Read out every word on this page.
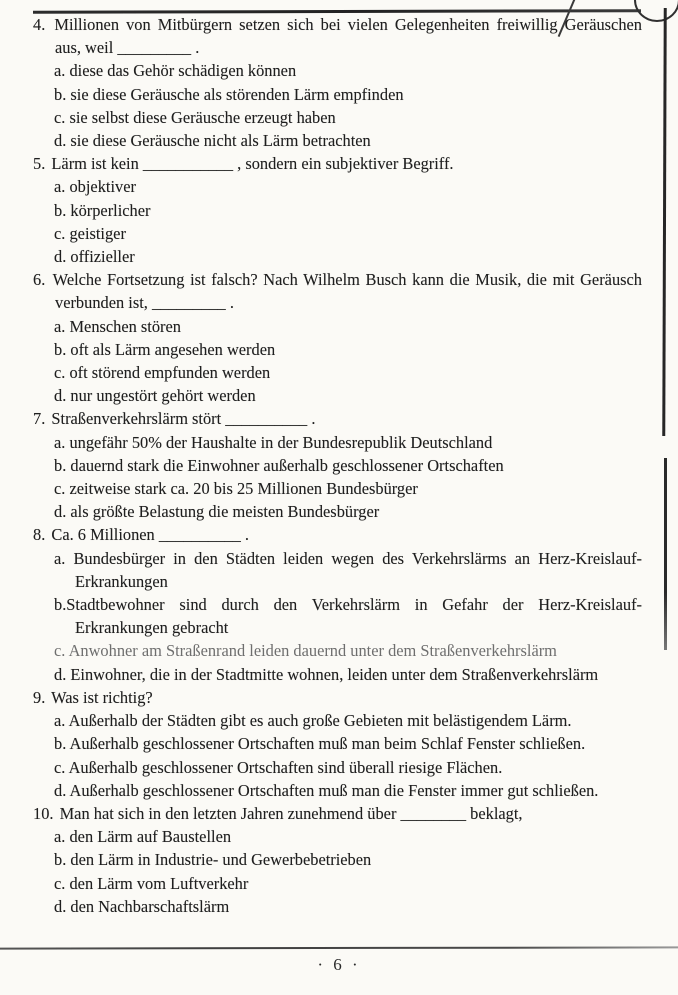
4. Millionen von Mitbürgern setzen sich bei vielen Gelegenheiten freiwillig Geräuschen aus, weil _________ .

a. diese das Gehör schädigen können

b. sie diese Geräusche als störenden Lärm empfinden

c. sie selbst diese Geräusche erzeugt haben

d. sie diese Geräusche nicht als Lärm betrachten

5. Lärm ist kein ___________ , sondern ein subjektiver Begriff.

a. objektiver

b. körperlicher

c. geistiger

d. offizieller

6. Welche Fortsetzung ist falsch? Nach Wilhelm Busch kann die Musik, die mit Geräusch verbunden ist, _________ .

a. Menschen stören

b. oft als Lärm angesehen werden

c. oft störend empfunden werden

d. nur ungestört gehört werden

7. Straßenverkehrslärm stört __________ .

a. ungefähr 50% der Haushalte in der Bundesrepublik Deutschland

b. dauernd stark die Einwohner außerhalb geschlossener Ortschaften

c. zeitweise stark ca. 20 bis 25 Millionen Bundesbürger

d. als größte Belastung die meisten Bundesbürger

8. Ca. 6 Millionen __________ .

a. Bundesbürger in den Städten leiden wegen des Verkehrslärms an Herz-Kreislauf-Erkrankungen

b.Stadtbewohner sind durch den Verkehrslärm in Gefahr der Herz-Kreislauf-Erkrankungen gebracht

c. Anwohner am Straßenrand leiden dauernd unter dem Straßenverkehrslärm

d. Einwohner, die in der Stadtmitte wohnen, leiden unter dem Straßenverkehrslärm

9. Was ist richtig?

a. Außerhalb der Städten gibt es auch große Gebieten mit belästigendem Lärm.

b. Außerhalb geschlossener Ortschaften muß man beim Schlaf Fenster schließen.

c. Außerhalb geschlossener Ortschaften sind überall riesige Flächen.

d. Außerhalb geschlossener Ortschaften muß man die Fenster immer gut schließen.

10. Man hat sich in den letzten Jahren zunehmend über ________ beklagt,

a. den Lärm auf Baustellen

b. den Lärm in Industrie- und Gewerbebetrieben

c. den Lärm vom Luftverkehr

d. den Nachbarschaftslärm

· 6 ·
